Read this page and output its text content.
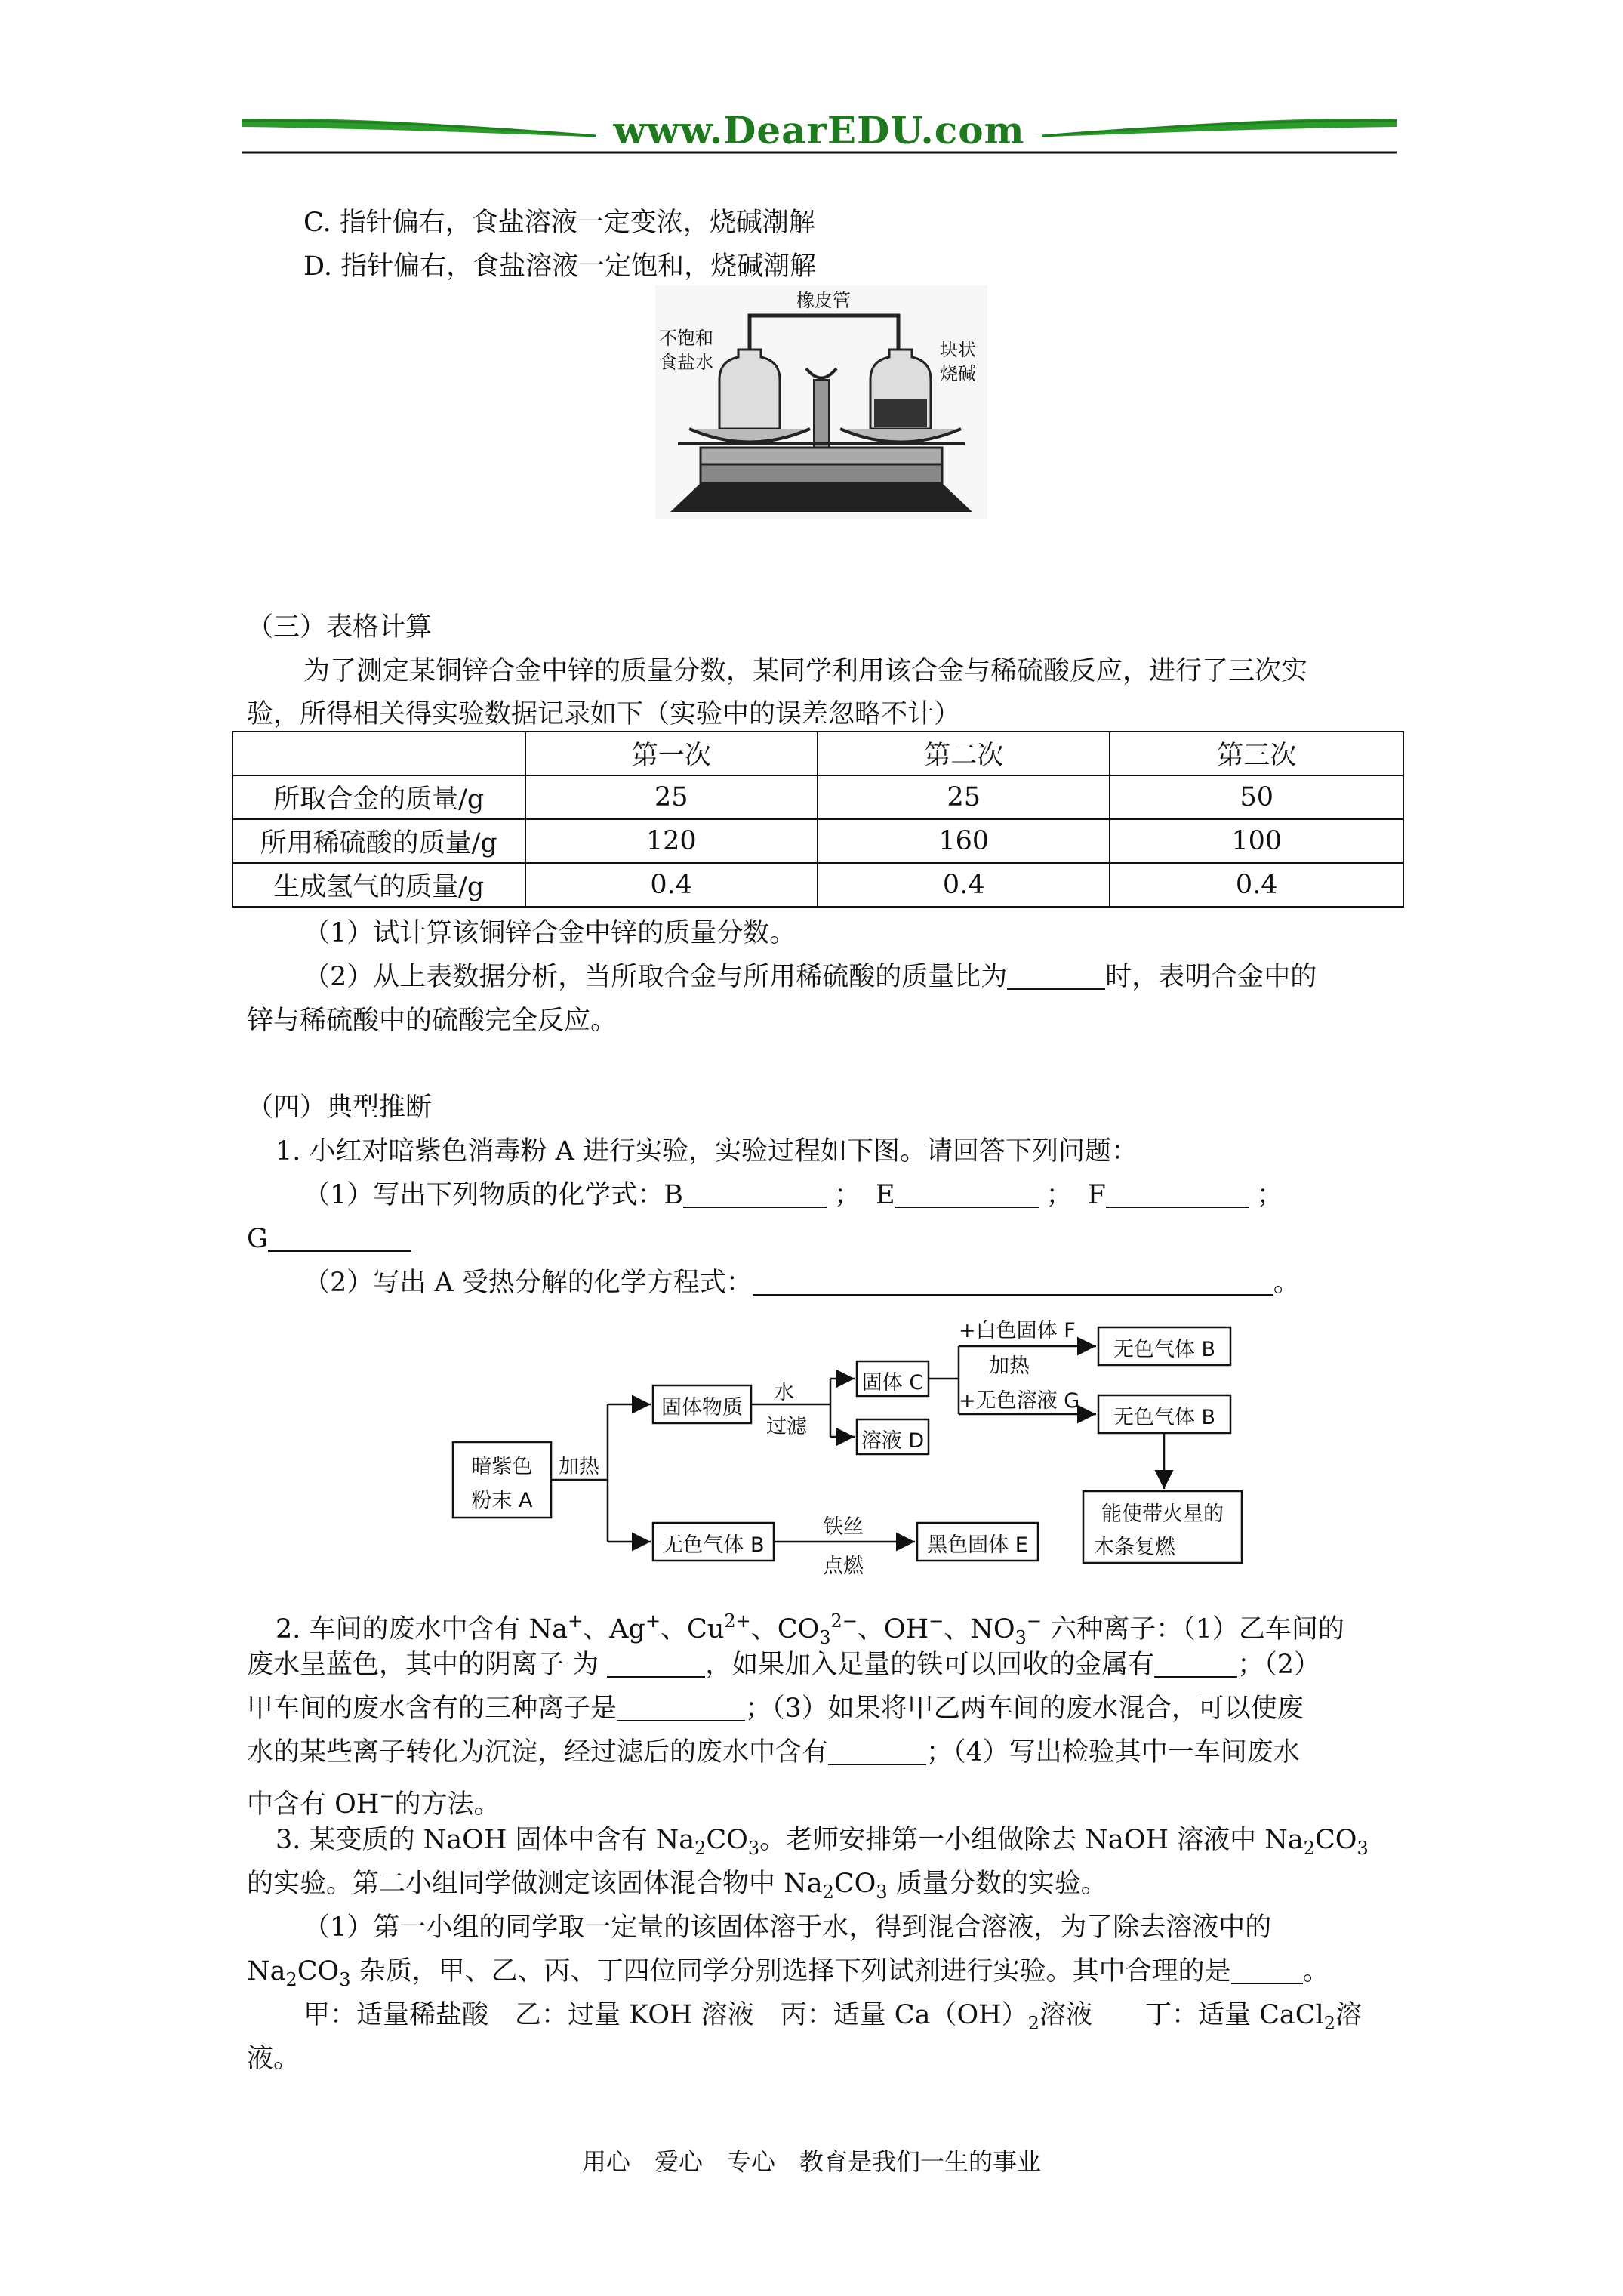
www.DearEDU.com
C. 指针偏右，食盐溶液一定变浓，烧碱潮解
D. 指针偏右，食盐溶液一定饱和，烧碱潮解
橡皮管
不饱和
食盐水
块状
烧碱
（三）表格计算
为了测定某铜锌合金中锌的质量分数，某同学利用该合金与稀硫酸反应，进行了三次实
验，所得相关得实验数据记录如下（实验中的误差忽略不计）
	第一次	第二次	第三次
所取合金的质量/g	25	25	50
所用稀硫酸的质量/g	120	160	100
生成氢气的质量/g	0.4	0.4	0.4
（1）试计算该铜锌合金中锌的质量分数。
（2）从上表数据分析，当所取合金与所用稀硫酸的质量比为	时，表明合金中的
锌与稀硫酸中的硫酸完全反应。
（四）典型推断
1. 小红对暗紫色消毒粉 A 进行实验，实验过程如下图。请回答下列问题：
（1）写出下列物质的化学式：B	； E	； F	；
G
（2）写出 A 受热分解的化学方程式：	。
暗紫色
粉末 A
加热
固体物质
水
过滤
固体 C
溶液 D
+白色固体 F
加热
+无色溶液 G
无色气体 B
无色气体 B
无色气体 B
铁丝
点燃
黑色固体 E
能使带火星的
木条复燃
2. 车间的废水中含有 Na+、Ag+、$Cu^{2+}$、$CO_3^{2-}$、OH−、$NO_3^-$ 六种离子：（1）乙车间的
废水呈蓝色，其中的阴离子 为	，如果加入足量的铁可以回收的金属有	；（2）
甲车间的废水含有的三种离子是	；（3）如果将甲乙两车间的废水混合，可以使废
水的某些离子转化为沉淀，经过滤后的废水中含有	；（4）写出检验其中一车间废水
中含有 OH−的方法。
3. 某变质的 NaOH 固体中含有 $Na_2CO_3$。老师安排第一小组做除去 NaOH 溶液中 $Na_2CO_3$
的实验。第二小组同学做测定该固体混合物中 $Na_2CO_3$ 质量分数的实验。
（1）第一小组的同学取一定量的该固体溶于水，得到混合溶液，为了除去溶液中的
$Na_2CO_3$ 杂质，甲、乙、丙、丁四位同学分别选择下列试剂进行实验。其中合理的是	。
甲：适量稀盐酸　乙：过量 KOH 溶液　丙：适量 $Ca(OH)_2$溶液　　丁：适量 CaCl$_2$溶
液。
用心　爱心　专心　教育是我们一生的事业
